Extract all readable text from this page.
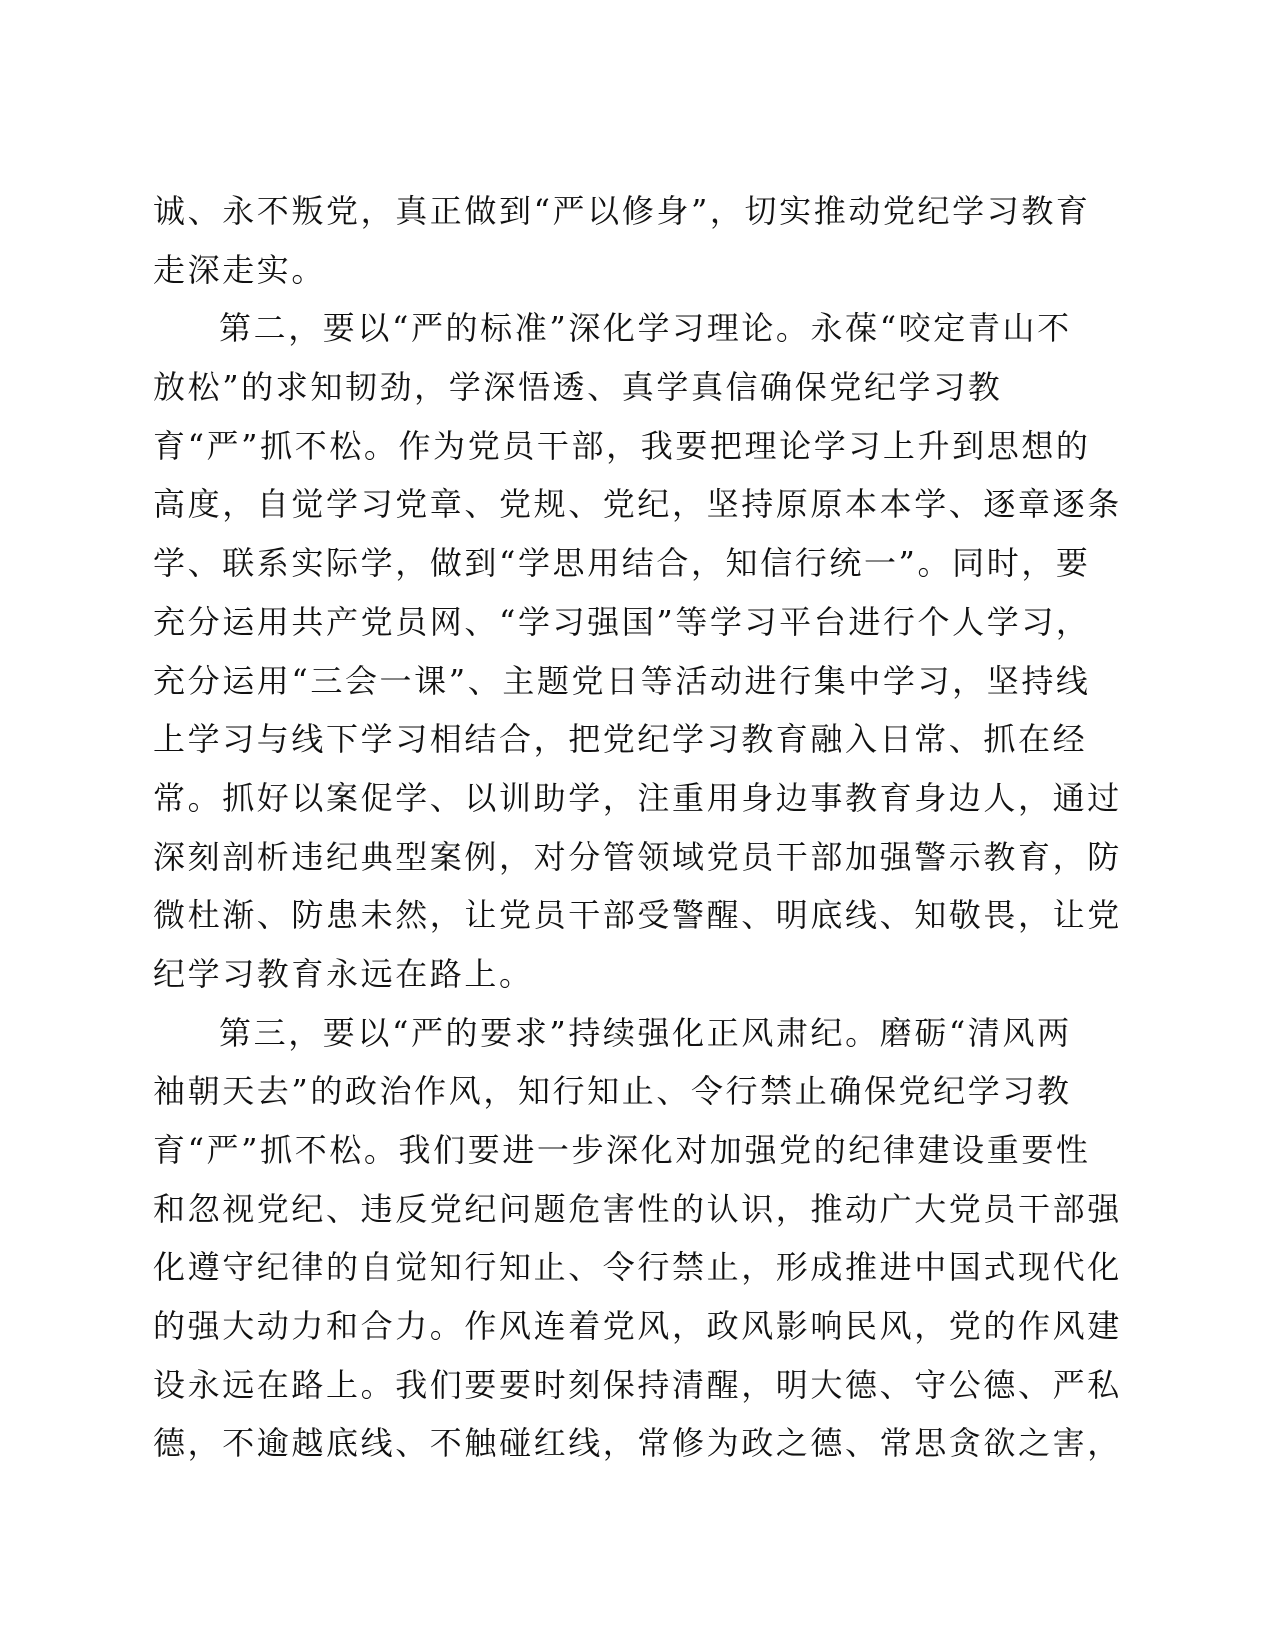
诚、永不叛党，真正做到“严以修身”，切实推动党纪学习教育
走深走实。
第二，要以“严的标准”深化学习理论。永葆“咬定青山不
放松”的求知韧劲，学深悟透、真学真信确保党纪学习教
育“严”抓不松。作为党员干部，我要把理论学习上升到思想的
高度，自觉学习党章、党规、党纪，坚持原原本本学、逐章逐条
学、联系实际学，做到“学思用结合，知信行统一”。同时，要
充分运用共产党员网、“学习强国”等学习平台进行个人学习，
充分运用“三会一课”、主题党日等活动进行集中学习，坚持线
上学习与线下学习相结合，把党纪学习教育融入日常、抓在经
常。抓好以案促学、以训助学，注重用身边事教育身边人，通过
深刻剖析违纪典型案例，对分管领域党员干部加强警示教育，防
微杜渐、防患未然，让党员干部受警醒、明底线、知敬畏，让党
纪学习教育永远在路上。
第三，要以“严的要求”持续强化正风肃纪。磨砺“清风两
袖朝天去”的政治作风，知行知止、令行禁止确保党纪学习教
育“严”抓不松。我们要进一步深化对加强党的纪律建设重要性
和忽视党纪、违反党纪问题危害性的认识，推动广大党员干部强
化遵守纪律的自觉知行知止、令行禁止，形成推进中国式现代化
的强大动力和合力。作风连着党风，政风影响民风，党的作风建
设永远在路上。我们要要时刻保持清醒，明大德、守公德、严私
德，不逾越底线、不触碰红线，常修为政之德、常思贪欲之害，
